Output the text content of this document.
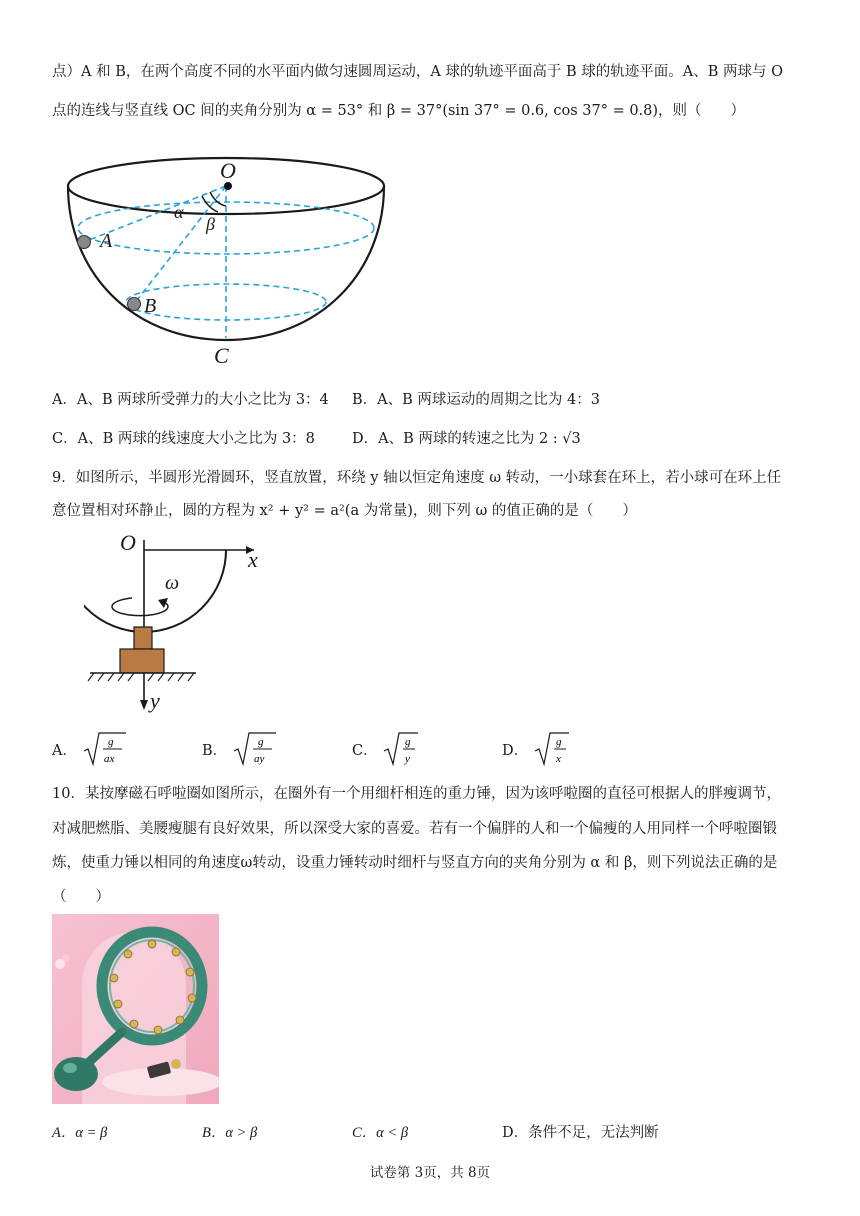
点）A 和 B，在两个高度不同的水平面内做匀速圆周运动，A 球的轨迹平面高于 B 球的轨迹平面。A、B 两球与 O
点的连线与竖直线 OC 间的夹角分别为 α = 53° 和 β = 37°(sin 37° = 0.6, cos 37° = 0.8)，则（　　）
O
α
β
A
B
C
A．A、B 两球所受弹力的大小之比为 3：4 B．A、B 两球运动的周期之比为 4：3
C．A、B 两球的线速度大小之比为 3：8	D．A、B 两球的转速之比为 2 : √3
9．如图所示，半圆形光滑圆环，竖直放置，环绕 y 轴以恒定角速度 ω 转动，一小球套在环上，若小球可在环上任
意位置相对环静止，圆的方程为 x² + y² = a²(a 为常量)，则下列 ω 的值正确的是（　　）
O
x
ω
y
A．
g
ax	B．
g
ay	C．
g
y	D．
g
x
10．某按摩磁石呼啦圈如图所示，在圈外有一个用细杆相连的重力锤，因为该呼啦圈的直径可根据人的胖瘦调节，
对减肥燃脂、美腰瘦腿有良好效果，所以深受大家的喜爱。若有一个偏胖的人和一个偏瘦的人用同样一个呼啦圈锻
炼，使重力锤以相同的角速度ω转动，设重力锤转动时细杆与竖直方向的夹角分别为 α 和 β，则下列说法正确的是
（　　）
A．α = β	B．α > β	C．α < β	D．条件不足，无法判断
试卷第 3页，共 8页
